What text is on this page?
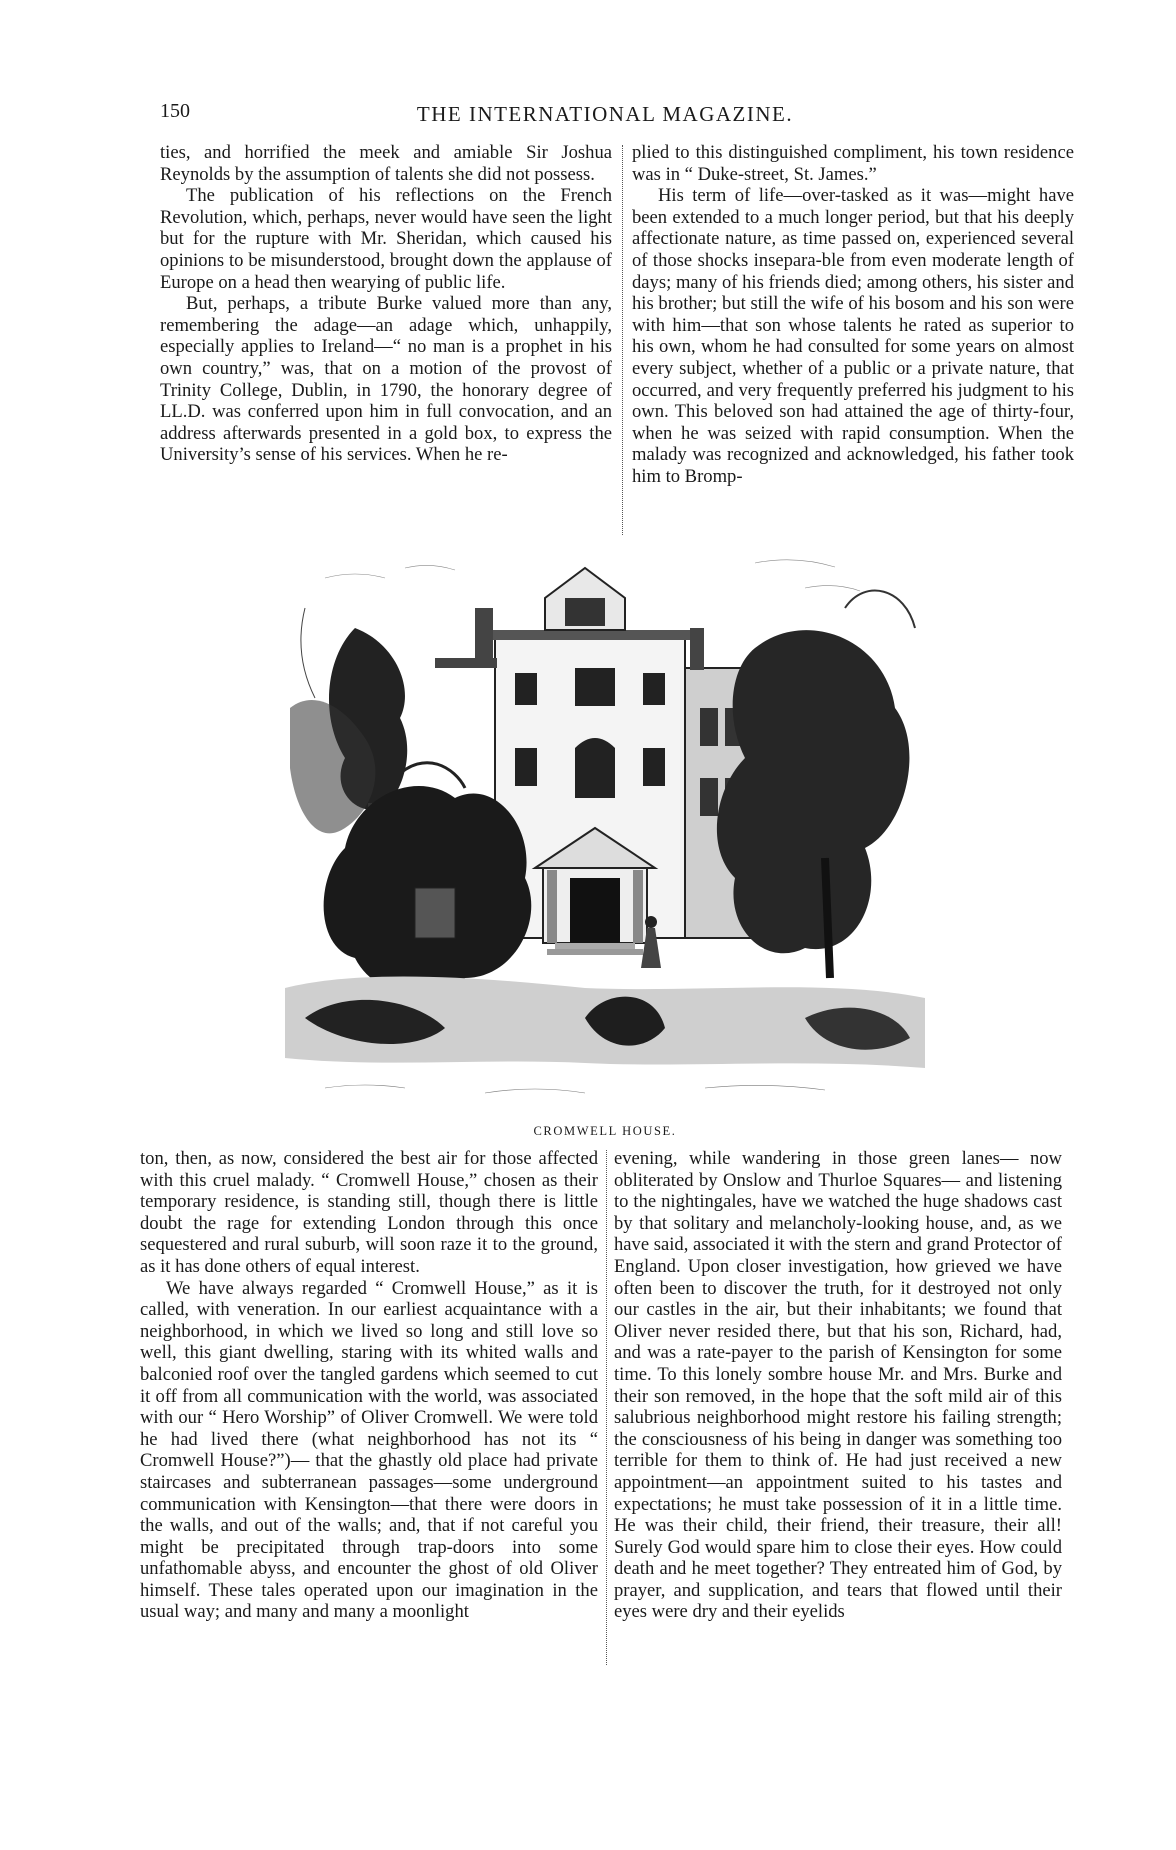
150	THE INTERNATIONAL MAGAZINE.

ties, and horrified the meek and amiable Sir Joshua Reynolds by the assumption of talents she did not possess.

The publication of his reflections on the French Revolution, which, perhaps, never would have seen the light but for the rupture with Mr. Sheridan, which caused his opinions to be misunderstood, brought down the applause of Europe on a head then wearying of public life.

But, perhaps, a tribute Burke valued more than any, remembering the adage—an adage which, unhappily, especially applies to Ireland—“ no man is a prophet in his own country,” was, that on a motion of the provost of Trinity College, Dublin, in 1790, the honorary degree of LL.D. was conferred upon him in full convocation, and an address afterwards presented in a gold box, to express the University’s sense of his services. When he re-

plied to this distinguished compliment, his town residence was in “ Duke-street, St. James.”

His term of life—over-tasked as it was—might have been extended to a much longer period, but that his deeply affectionate nature, as time passed on, experienced several of those shocks insepara-ble from even moderate length of days; many of his friends died; among others, his sister and his brother; but still the wife of his bosom and his son were with him—that son whose talents he rated as superior to his own, whom he had consulted for some years on almost every subject, whether of a public or a private nature, that occurred, and very frequently preferred his judgment to his own. This beloved son had attained the age of thirty-four, when he was seized with rapid consumption. When the malady was recognized and acknowledged, his father took him to Bromp-

CROMWELL HOUSE.

ton, then, as now, considered the best air for those affected with this cruel malady. “ Cromwell House,” chosen as their temporary residence, is standing still, though there is little doubt the rage for extending London through this once sequestered and rural suburb, will soon raze it to the ground, as it has done others of equal interest.

We have always regarded “ Cromwell House,” as it is called, with veneration. In our earliest acquaintance with a neighborhood, in which we lived so long and still love so well, this giant dwelling, staring with its whited walls and balconied roof over the tangled gardens which seemed to cut it off from all communication with the world, was associated with our “ Hero Worship” of Oliver Cromwell. We were told he had lived there (what neighborhood has not its “ Cromwell House?”)— that the ghastly old place had private staircases and subterranean passages—some underground communication with Kensington—that there were doors in the walls, and out of the walls; and, that if not careful you might be precipitated through trap-doors into some unfathomable abyss, and encounter the ghost of old Oliver himself. These tales operated upon our imagination in the usual way; and many and many a moonlight

evening, while wandering in those green lanes— now obliterated by Onslow and Thurloe Squares— and listening to the nightingales, have we watched the huge shadows cast by that solitary and melancholy-looking house, and, as we have said, associated it with the stern and grand Protector of England. Upon closer investigation, how grieved we have often been to discover the truth, for it destroyed not only our castles in the air, but their inhabitants; we found that Oliver never resided there, but that his son, Richard, had, and was a rate-payer to the parish of Kensington for some time. To this lonely sombre house Mr. and Mrs. Burke and their son removed, in the hope that the soft mild air of this salubrious neighborhood might restore his failing strength; the consciousness of his being in danger was something too terrible for them to think of. He had just received a new appointment—an appointment suited to his tastes and expectations; he must take possession of it in a little time. He was their child, their friend, their treasure, their all! Surely God would spare him to close their eyes. How could death and he meet together? They entreated him of God, by prayer, and supplication, and tears that flowed until their eyes were dry and their eyelids
